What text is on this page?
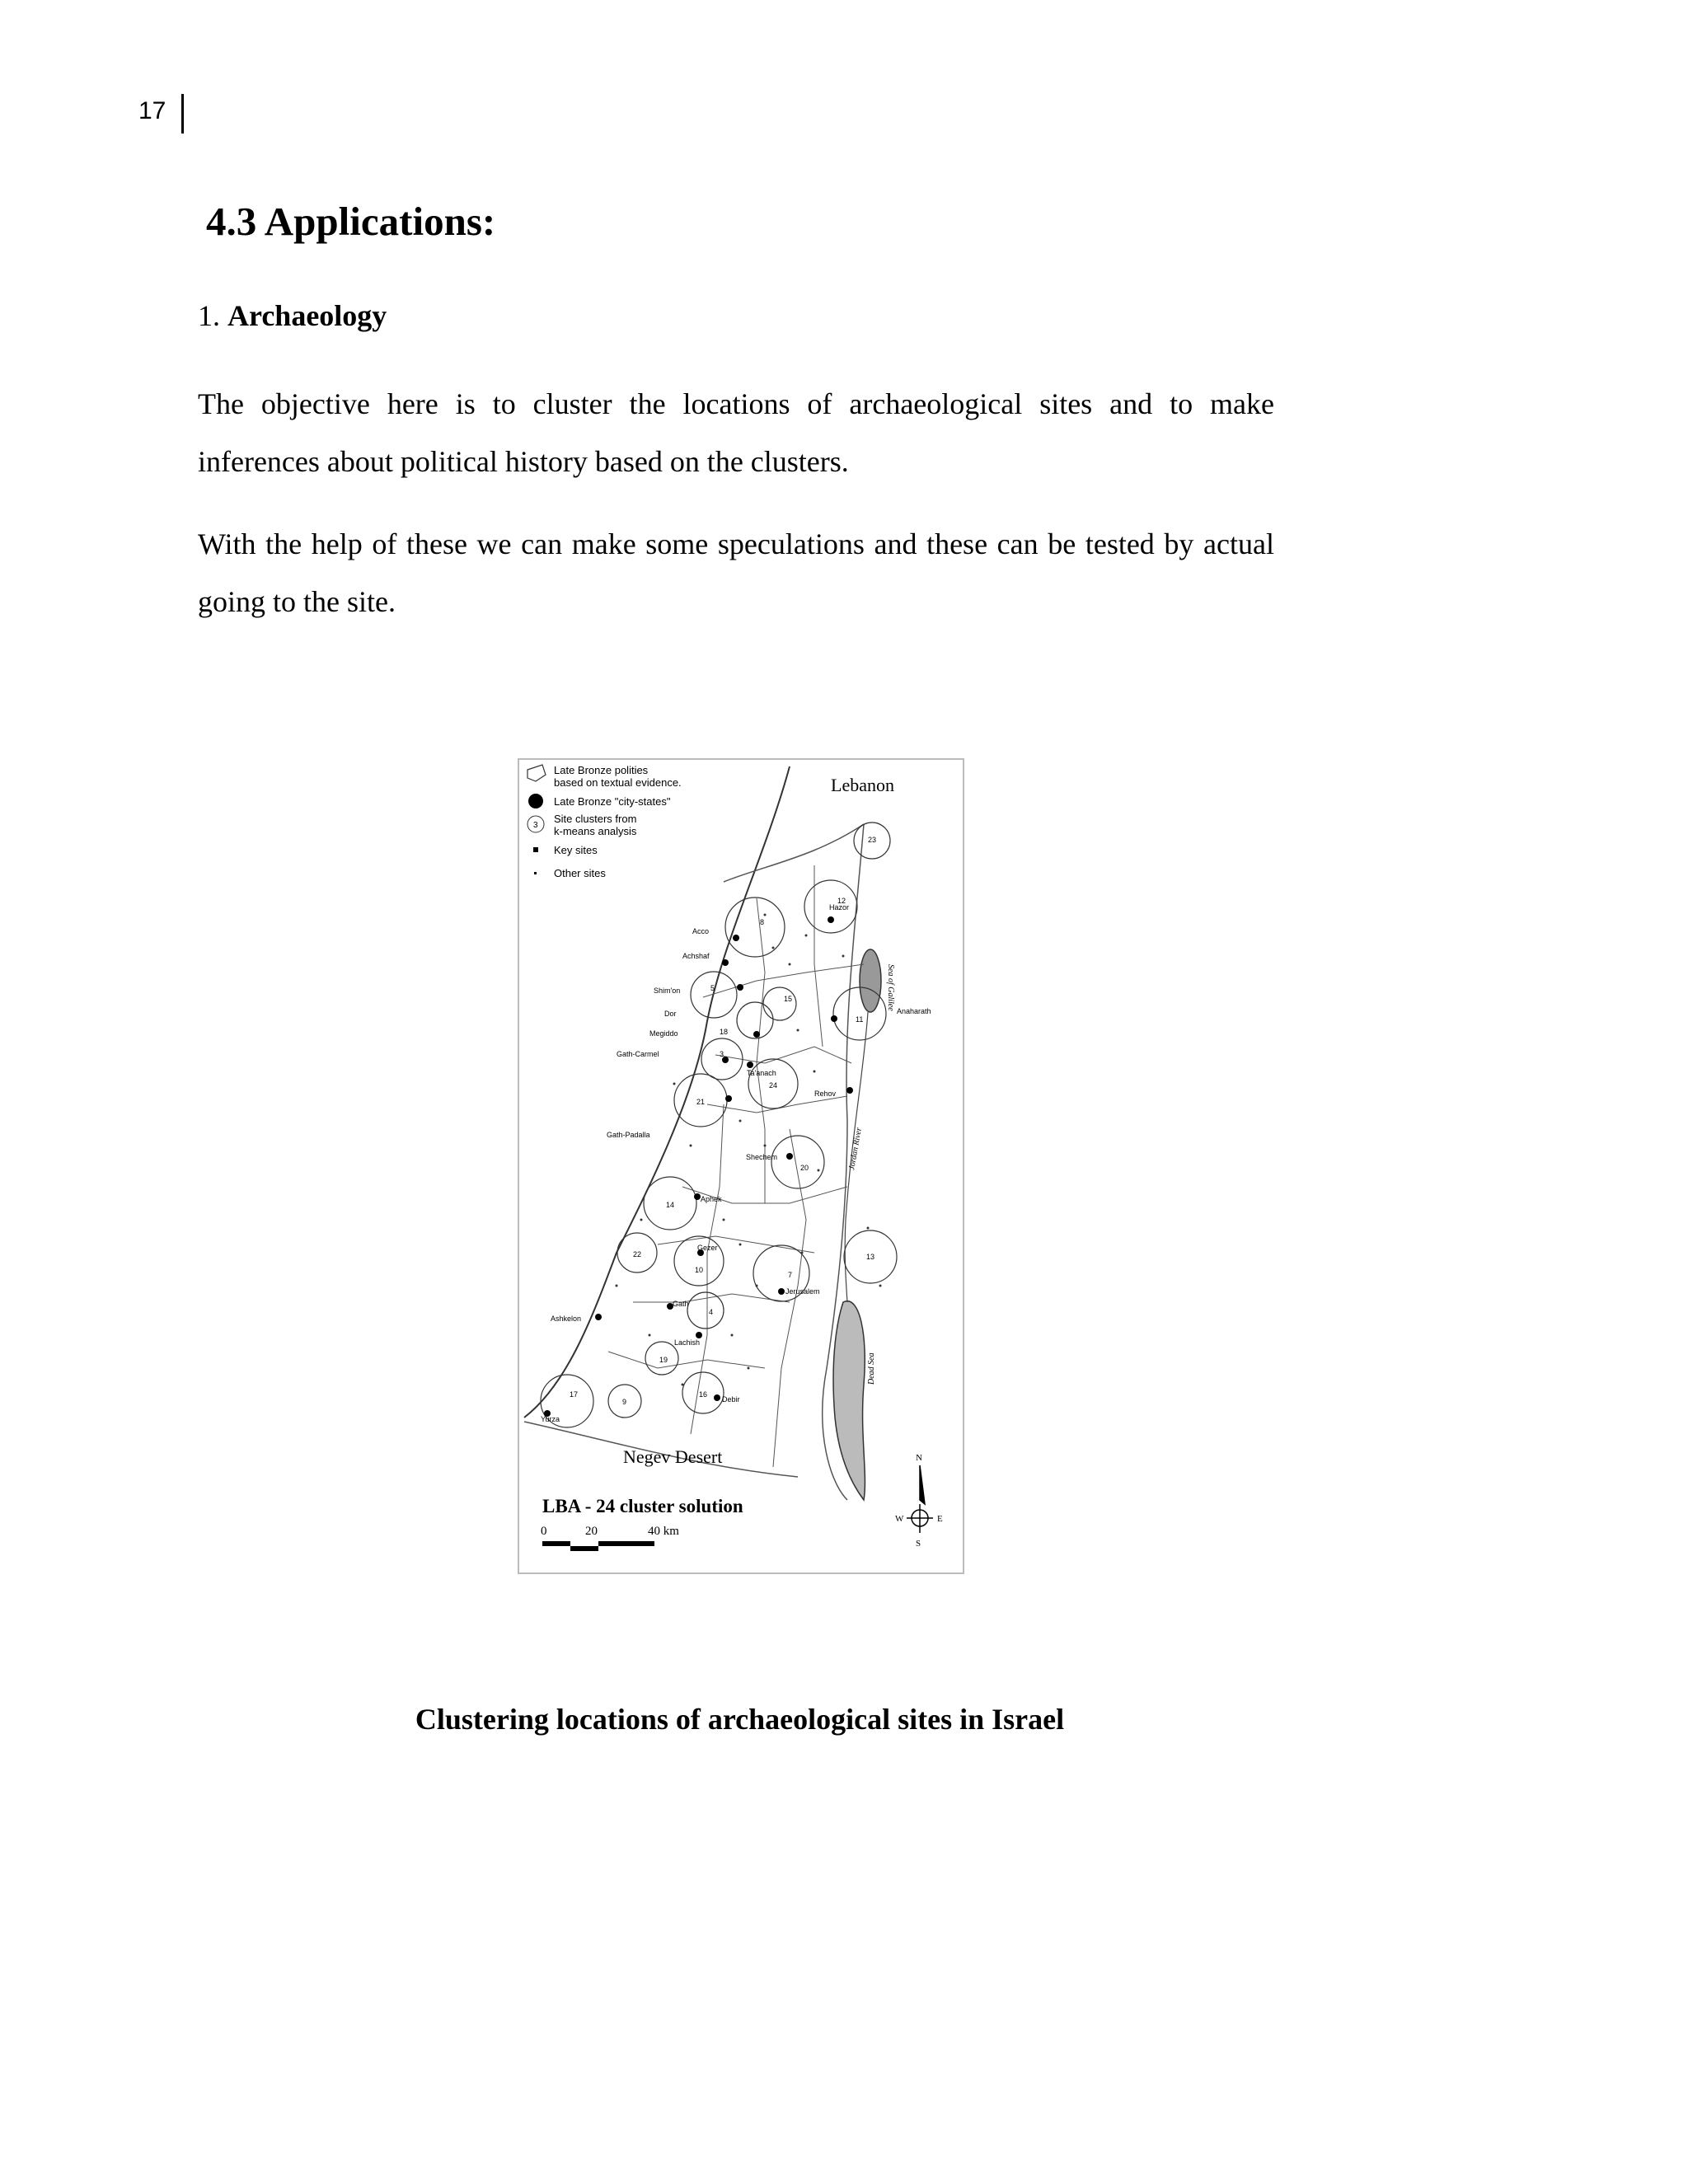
17
4.3 Applications:
1. Archaeology

The objective here is to cluster the locations of archaeological sites and to make inferences about political history based on the clusters.

With the help of these we can make some speculations and these can be tested by actual going to the site.

Late Bronze polities
based on textual evidence.
Late Bronze "city-states"
3
Site clusters from
k-means analysis
Key sites
Other sites
Lebanon
Negev Desert
Sea of Galilee
Jordan River
Dead Sea
Acco
Achshaf
Shim'on
Dor
Megiddo
Gath-Carmel
Gath-Padalla
Ta'anach
Rehov
Anaharath
Hazor
Shechem
Aphek
Gezer
Gath
Jerusalem
Ashkelon
Lachish
Debir
Yurza
23
12
8
5
15
11
3
24
21
20
14
22
10
7
4
19
16
17
9
13
18
LBA - 24 cluster solution
0	20	40 km
N
S
E
W
Clustering locations of archaeological sites in Israel
